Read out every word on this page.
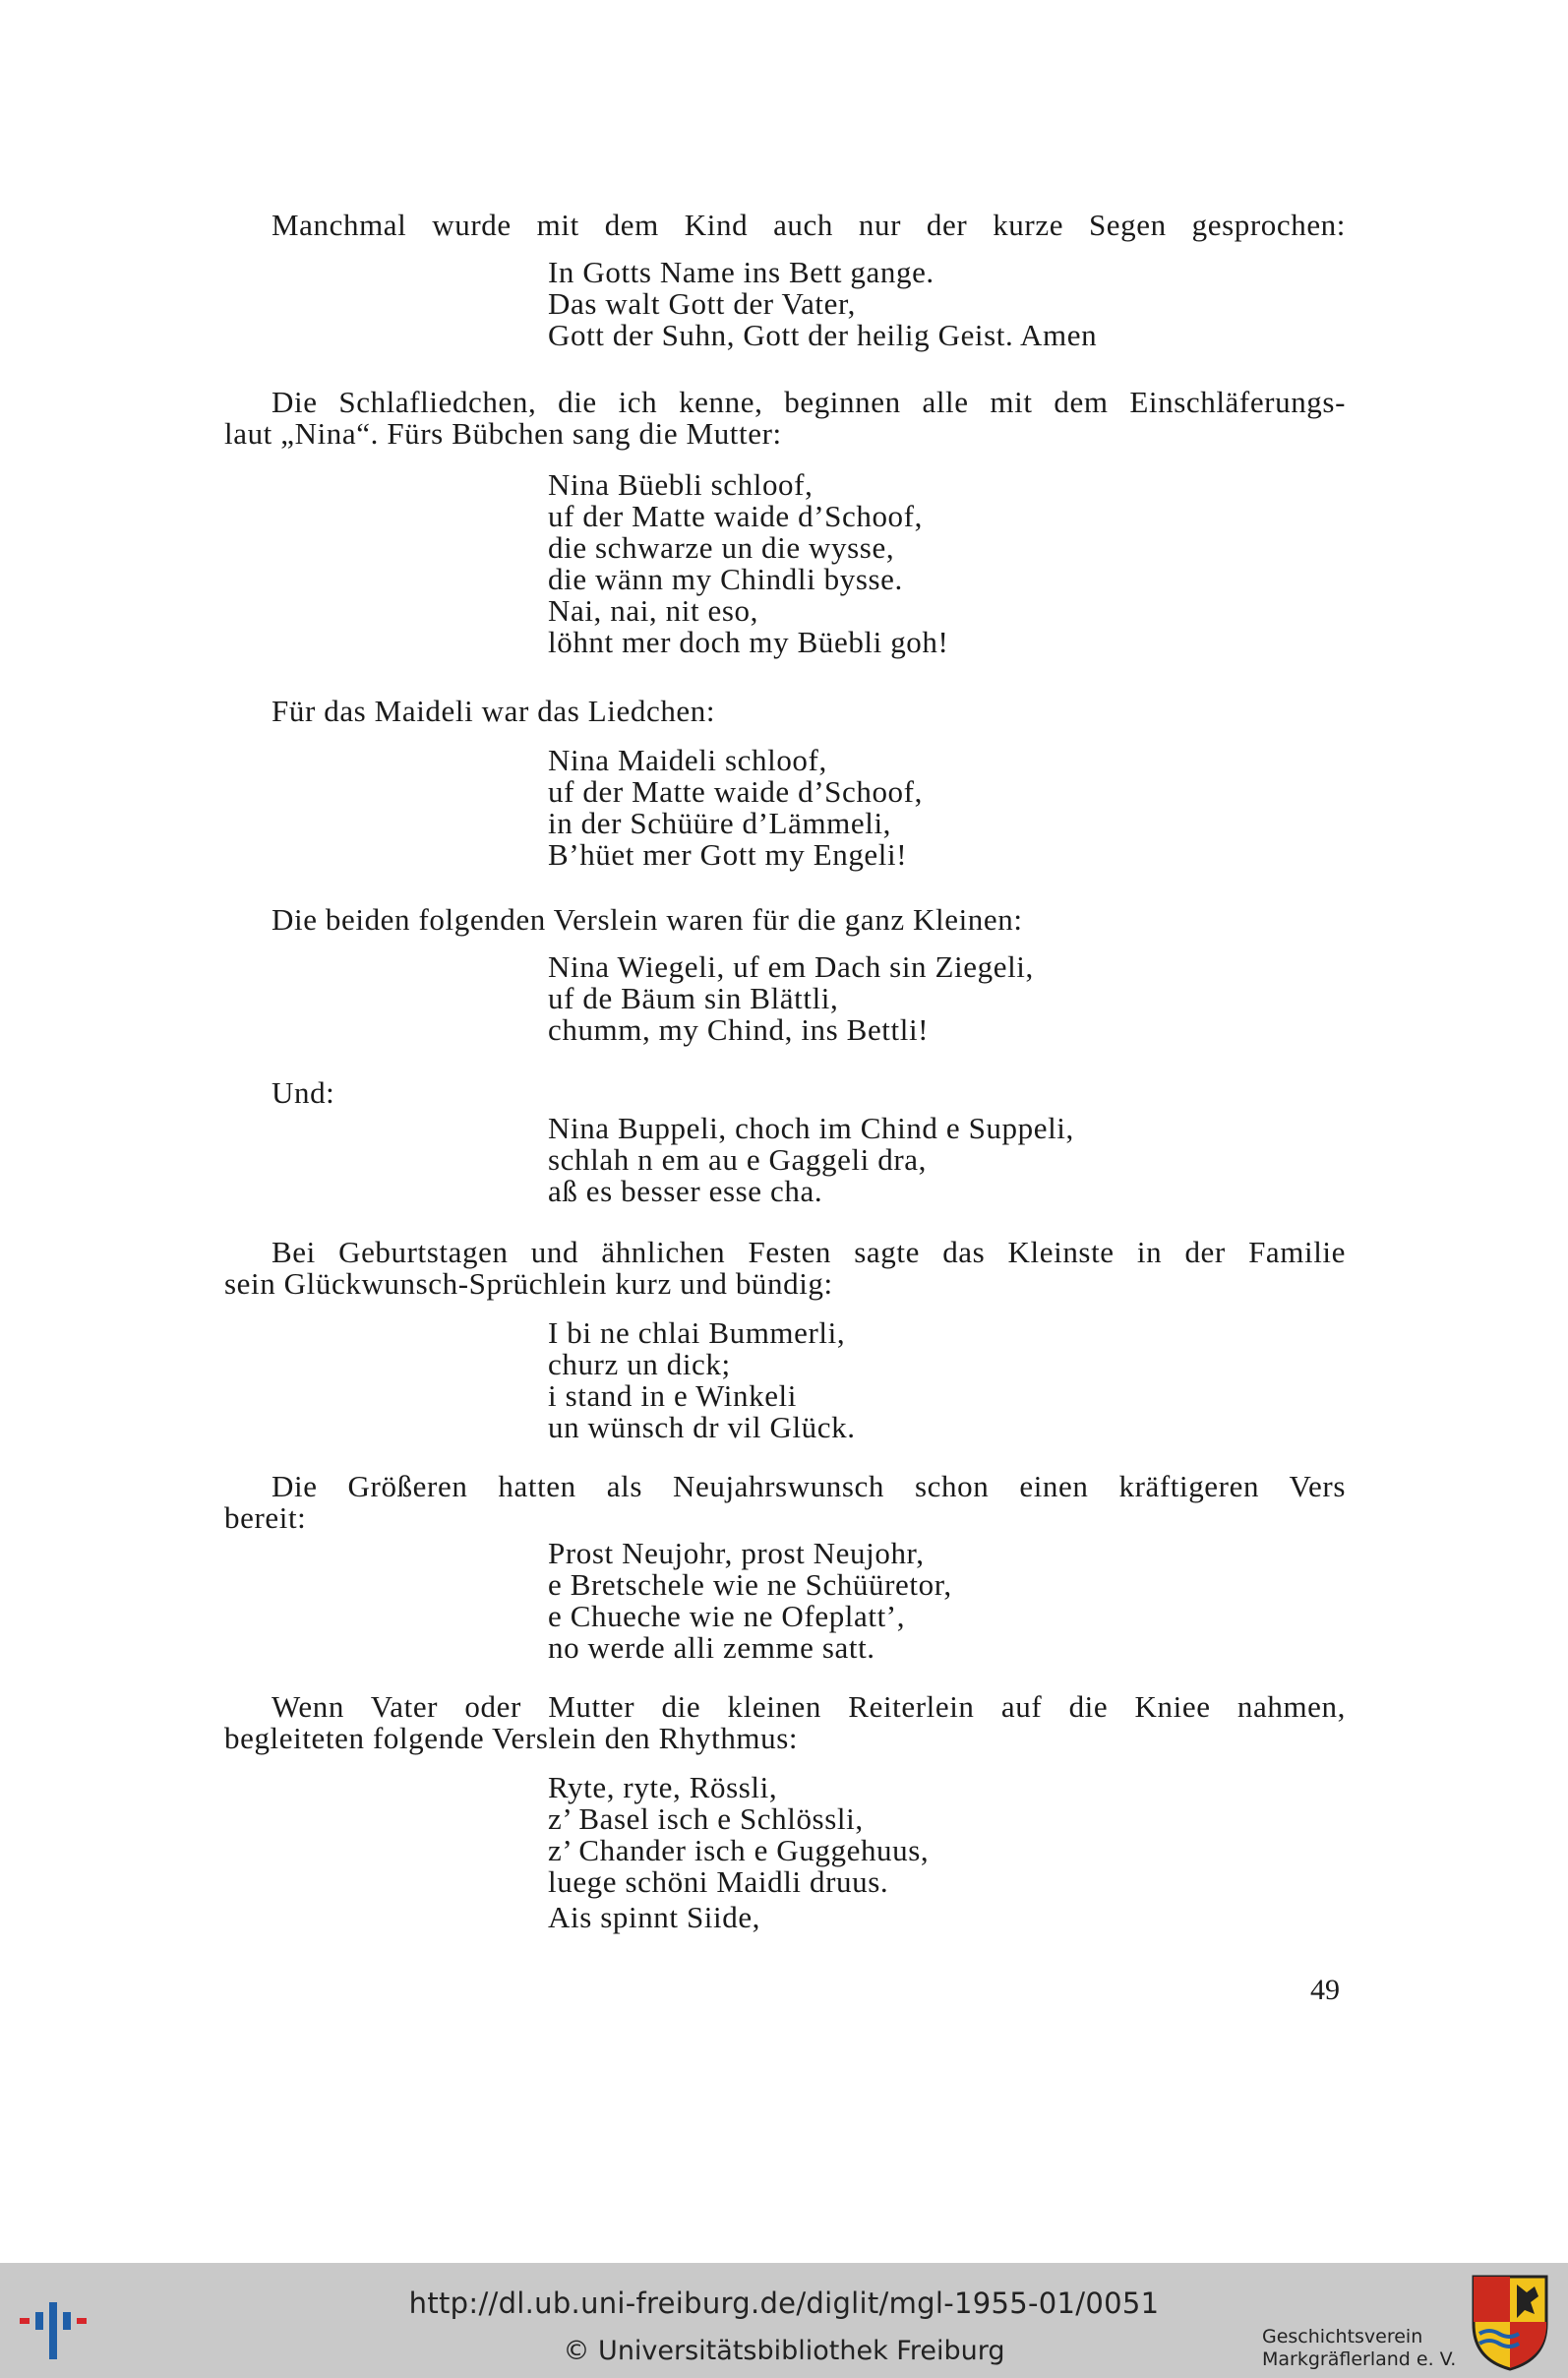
Manchmal wurde mit dem Kind auch nur der kurze Segen gesprochen:
In Gotts Name ins Bett gange.
Das walt Gott der Vater,
Gott der Suhn, Gott der heilig Geist. Amen
Die Schlafliedchen, die ich kenne, beginnen alle mit dem Einschläferungs-
laut „Nina“. Fürs Bübchen sang die Mutter:
Nina Büebli schloof,
uf der Matte waide d’Schoof,
die schwarze un die wysse,
die wänn my Chindli bysse.
Nai, nai, nit eso,
löhnt mer doch my Büebli goh!
Für das Maideli war das Liedchen:
Nina Maideli schloof,
uf der Matte waide d’Schoof,
in der Schüüre d’Lämmeli,
B’hüet mer Gott my Engeli!
Die beiden folgenden Verslein waren für die ganz Kleinen:
Nina Wiegeli, uf em Dach sin Ziegeli,
uf de Bäum sin Blättli,
chumm, my Chind, ins Bettli!
Und:
Nina Buppeli, choch im Chind e Suppeli,
schlah n em au e Gaggeli dra,
aß es besser esse cha.
Bei Geburtstagen und ähnlichen Festen sagte das Kleinste in der Familie
sein Glückwunsch-Sprüchlein kurz und bündig:
I bi ne chlai Bummerli,
churz un dick;
i stand in e Winkeli
un wünsch dr vil Glück.
Die Größeren hatten als Neujahrswunsch schon einen kräftigeren Vers
bereit:
Prost Neujohr, prost Neujohr,
e Bretschele wie ne Schüüretor,
e Chueche wie ne Ofeplatt’,
no werde alli zemme satt.
Wenn Vater oder Mutter die kleinen Reiterlein auf die Kniee nahmen,
begleiteten folgende Verslein den Rhythmus:
Ryte, ryte, Rössli,
z’ Basel isch e Schlössli,
z’ Chander isch e Guggehuus,
luege schöni Maidli druus.
Ais spinnt Siide,
49
http://dl.ub.uni-freiburg.de/diglit/mgl-1955-01/0051
© Universitätsbibliothek Freiburg	Geschichtsverein
Markgräflerland e. V.
